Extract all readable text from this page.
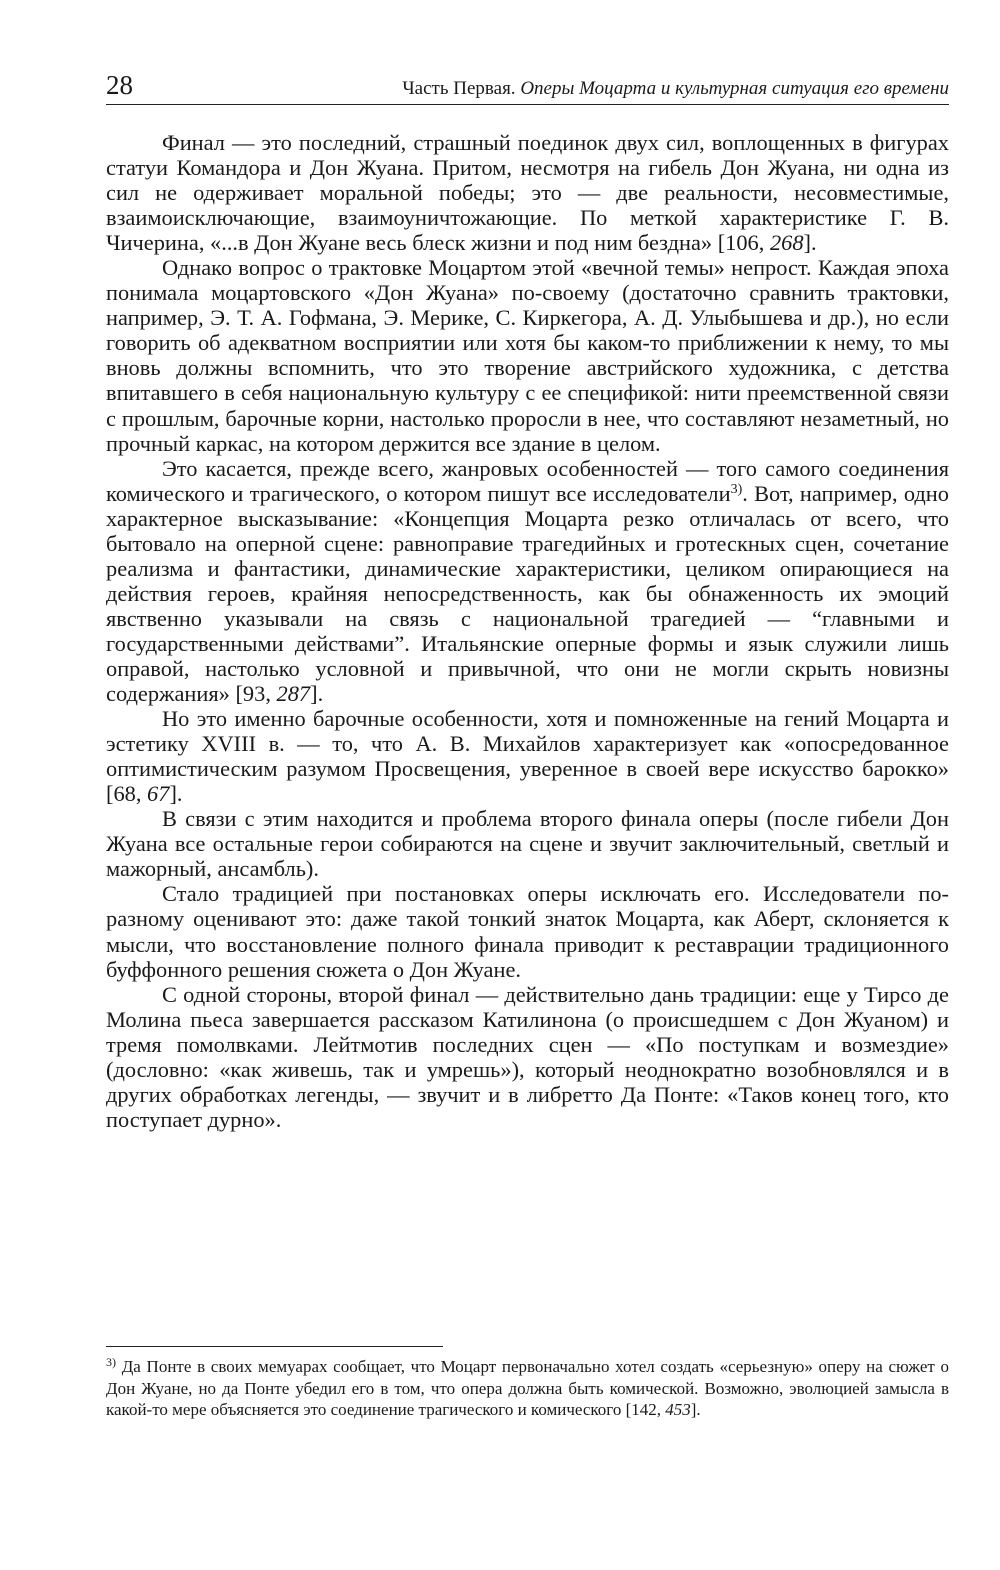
28	Часть Первая. Оперы Моцарта и культурная ситуация его времени

Финал — это последний, страшный поединок двух сил, воплощенных в фигурах статуи Командора и Дон Жуана. Притом, несмотря на гибель Дон Жуана, ни одна из сил не одерживает моральной победы; это — две реальности, несовместимые, взаимоисключающие, взаимоуничтожающие. По меткой характеристике Г. В. Чичерина, «...в Дон Жуане весь блеск жизни и под ним бездна» [106, 268].

Однако вопрос о трактовке Моцартом этой «вечной темы» непрост. Каждая эпоха понимала моцартовского «Дон Жуана» по-своему (достаточно сравнить трактовки, например, Э. Т. А. Гофмана, Э. Мерике, С. Киркегора, А. Д. Улыбышева и др.), но если говорить об адекватном восприятии или хотя бы каком-то приближении к нему, то мы вновь должны вспомнить, что это творение австрийского художника, с детства впитавшего в себя национальную культуру с ее спецификой: нити преемственной связи с прошлым, барочные корни, настолько проросли в нее, что составляют незаметный, но прочный каркас, на котором держится все здание в целом.

Это касается, прежде всего, жанровых особенностей — того самого соединения комического и трагического, о котором пишут все исследователи$^{3)}$. Вот, например, одно характерное высказывание: «Концепция Моцарта резко отличалась от всего, что бытовало на оперной сцене: равноправие трагедийных и гротескных сцен, сочетание реализма и фантастики, динамические характеристики, целиком опирающиеся на действия героев, крайняя непосредственность, как бы обнаженность их эмоций явственно указывали на связь с национальной трагедией — “главными и государственными действами”. Итальянские оперные формы и язык служили лишь оправой, настолько условной и привычной, что они не могли скрыть новизны содержания» [93, 287].

Но это именно барочные особенности, хотя и помноженные на гений Моцарта и эстетику XVIII в. — то, что А. В. Михайлов характеризует как «опосредованное оптимистическим разумом Просвещения, уверенное в своей вере искусство барокко» [68, 67].

В связи с этим находится и проблема второго финала оперы (после гибели Дон Жуана все остальные герои собираются на сцене и звучит заключительный, светлый и мажорный, ансамбль).

Стало традицией при постановках оперы исключать его. Исследователи по-разному оценивают это: даже такой тонкий знаток Моцарта, как Аберт, склоняется к мысли, что восстановление полного финала приводит к реставрации традиционного буффонного решения сюжета о Дон Жуане.

С одной стороны, второй финал — действительно дань традиции: еще у Тирсо де Молина пьеса завершается рассказом Катилинона (о происшедшем с Дон Жуаном) и тремя помолвками. Лейтмотив последних сцен — «По поступкам и возмездие» (дословно: «как живешь, так и умрешь»), который неоднократно возобновлялся и в других обработках легенды, — звучит и в либретто Да Понте: «Таков конец того, кто поступает дурно».

$^{3)}$ Да Понте в своих мемуарах сообщает, что Моцарт первоначально хотел создать «серьезную» оперу на сюжет о Дон Жуане, но да Понте убедил его в том, что опера должна быть комической. Возможно, эволюцией замысла в какой-то мере объясняется это соединение трагического и комического [142, 453].
